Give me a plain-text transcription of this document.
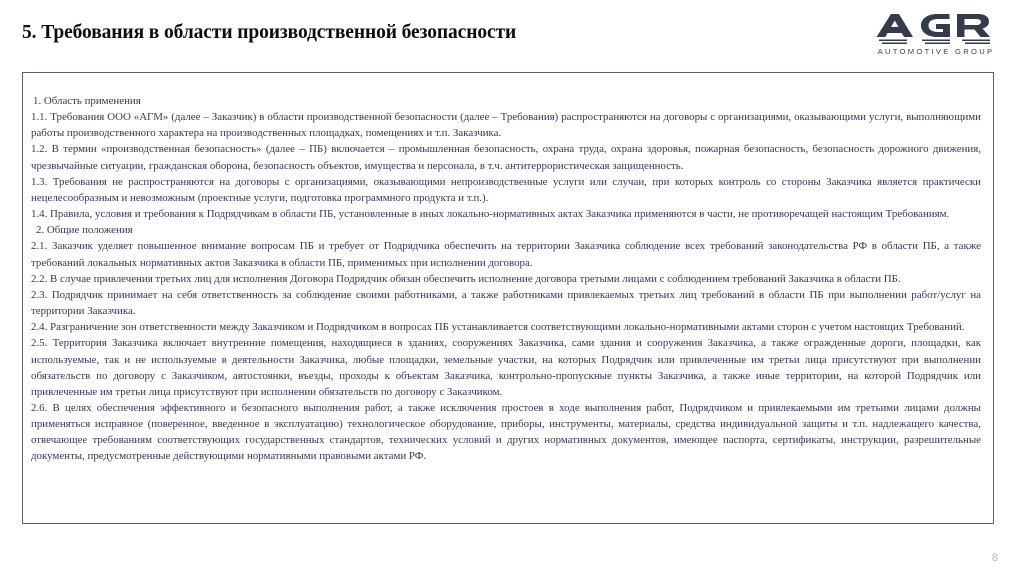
5. Требования в области производственной безопасности
AUTOMOTIVE GROUP
1. Область применения
1.1. Требования ООО «АГМ» (далее – Заказчик) в области производственной безопасности (далее – Требования) распространяются на договоры с организациями, оказывающими услуги, выполняющими работы производственного характера на производственных площадках, помещениях и т.п. Заказчика.
1.2. В термин «производственная безопасность» (далее – ПБ) включается – промышленная безопасность, охрана труда, охрана здоровья, пожарная безопасность, безопасность дорожного движения, чрезвычайные ситуации, гражданская оборона, безопасность объектов, имущества и персонала, в т.ч. антитеррористическая защищенность.
1.3. Требования не распространяются на договоры с организациями, оказывающими непроизводственные услуги или случаи, при которых контроль со стороны Заказчика является практически нецелесообразным и невозможным (проектные услуги, подготовка программного продукта и т.п.).
1.4. Правила, условия и требования к Подрядчикам в области ПБ, установленные в иных локально-нормативных актах Заказчика применяются в части, не противоречащей настоящим Требованиям.
2. Общие положения
2.1. Заказчик уделяет повышенное внимание вопросам ПБ и требует от Подрядчика обеспечить на территории Заказчика соблюдение всех требований законодательства РФ в области ПБ, а также требований локальных нормативных актов Заказчика в области ПБ, применимых при исполнении договора.
2.2. В случае привлечения третьих лиц для исполнения Договора Подрядчик обязан обеспечить исполнение договора третыми лицами с соблюдением требований Заказчика в области ПБ.
2.3. Подрядчик принимает на себя ответственность за соблюдение своими работниками, а также работниками привлекаемых третьих лиц требований в области ПБ при выполнении работ/услуг на территории Заказчика.
2.4. Разграничение зон ответственности между Заказчиком и Подрядчиком в вопросах ПБ устанавливается соответствующими локально-нормативными актами сторон с учетом настоящих Требований.
2.5. Территория Заказчика включает внутренние помещения, находящиеся в зданиях, сооружениях Заказчика, сами здания и сооружения Заказчика, а также огражденные дороги, площадки, как используемые, так и не используемые в деятельности Заказчика, любые площадки, земельные участки, на которых Подрядчик или привлеченные им третьи лица присутствуют при выполнении обязательств по договору с Заказчиком, автостоянки, въезды, проходы к объектам Заказчика, контрольно-пропускные пункты Заказчика, а также иные территории, на которой Подрядчик или привлеченные им третьи лица присутствуют при исполнении обязательств по договору с Заказчиком.
2.6. В целях обеспечения эффективного и безопасного выполнения работ, а также исключения простоев в ходе выполнения работ, Подрядчиком и привлекаемыми им третьими лицами должны применяться исправное (поверенное, введенное в эксплуатацию) технологическое оборудование, приборы, инструменты, материалы, средства индивидуальной защиты и т.п. надлежащего качества, отвечающее требованиям соответствующих государственных стандартов, технических условий и других нормативных документов, имеющее паспорта, сертификаты, инструкции, разрешительные документы, предусмотренные действующими нормативными правовыми актами РФ.
8
